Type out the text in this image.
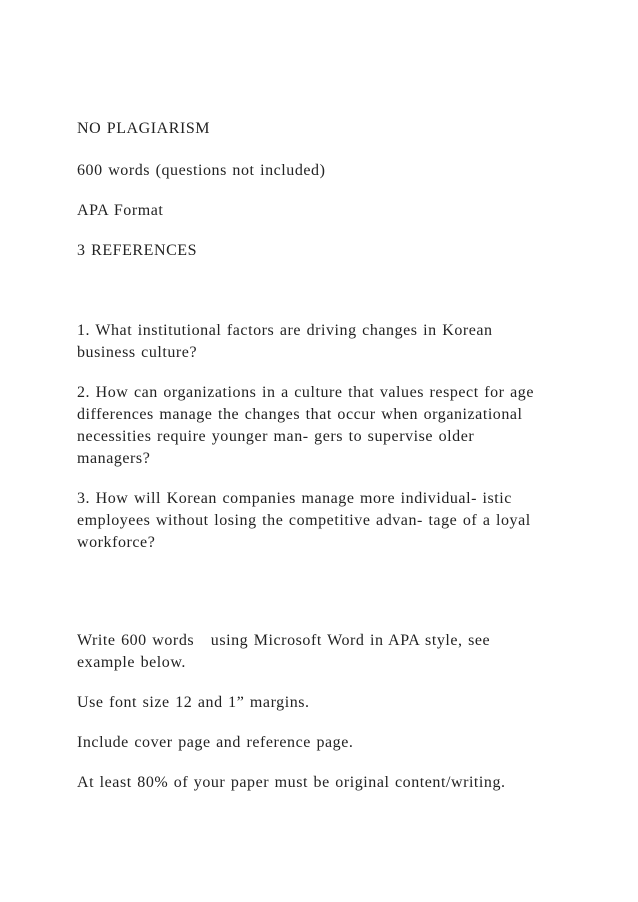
NO PLAGIARISM

600 words (questions not included)

APA Format

3 REFERENCES

1. What institutional factors are driving changes in Korean

business culture?

2. How can organizations in a culture that values respect for age

differences manage the changes that occur when organizational

necessities require younger man- gers to supervise older

managers?

3. How will Korean companies manage more individual- istic

employees without losing the competitive advan- tage of a loyal

workforce?

Write 600 words   using Microsoft Word in APA style, see

example below.

Use font size 12 and 1” margins.

Include cover page and reference page.

At least 80% of your paper must be original content/writing.
